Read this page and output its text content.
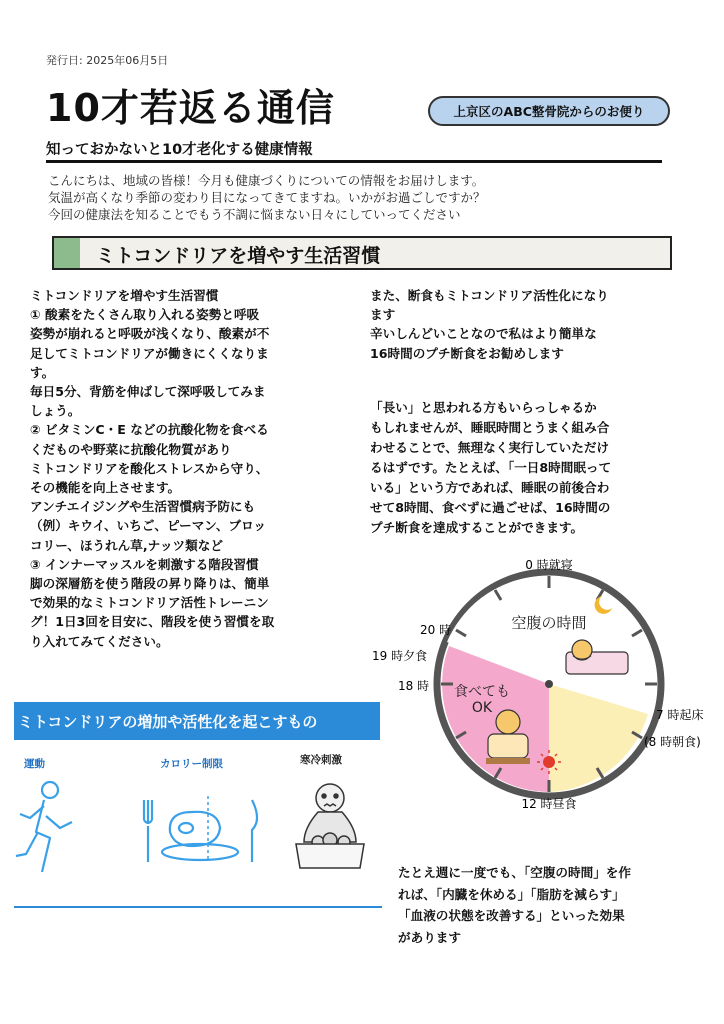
発行日: 2025年06月5日
10才若返る通信	上京区のABC整骨院からのお便り
知っておかないと10才老化する健康情報
こんにちは、地域の皆様！今月も健康づくりについての情報をお届けします。
気温が高くなり季節の変わり目になってきてますね。いかがお過ごしですか？
今回の健康法を知ることでもう不調に悩まない日々にしていってください
ミトコンドリアを増やす生活習慣
ミトコンドリアを増やす生活習慣
① 酸素をたくさん取り入れる姿勢と呼吸
姿勢が崩れると呼吸が浅くなり、酸素が不
足してミトコンドリアが働きにくくなりま
す。
毎日5分、背筋を伸ばして深呼吸してみま
しょう。
② ビタミンC・E などの抗酸化物を食べる
くだものや野菜に抗酸化物質があり
ミトコンドリアを酸化ストレスから守り、
その機能を向上させます。
アンチエイジングや生活習慣病予防にも
（例）キウイ、いちご、ピーマン、ブロッ
コリー、ほうれん草,ナッツ類など
③ インナーマッスルを刺激する階段習慣
脚の深層筋を使う階段の昇り降りは、簡単
で効果的なミトコンドリア活性トレーニン
グ！1日3回を目安に、階段を使う習慣を取
り入れてみてください。
また、断食もミトコンドリア活性化になり
ます
辛いしんどいことなので私はより簡単な
16時間のプチ断食をお勧めします
「長い」と思われる方もいらっしゃるか
もしれませんが、睡眠時間とうまく組み合
わせることで、無理なく実行していただけ
るはずです。たとえば、「一日8時間眠って
いる」という方であれば、睡眠の前後合わ
せて8時間、食べずに過ごせば、16時間の
プチ断食を達成することができます。
0 時就寝
空腹の時間
20 時
19 時夕食
18 時 食べても
OK	7 時起床
(8 時朝食)
12 時昼食
ミトコンドリアの増加や活性化を起こすもの
運動	カロリー制限	寒冷刺激
たとえ週に一度でも、「空腹の時間」を作
れば、「内臓を休める」「脂肪を減らす」
「血液の状態を改善する」といった効果
があります
